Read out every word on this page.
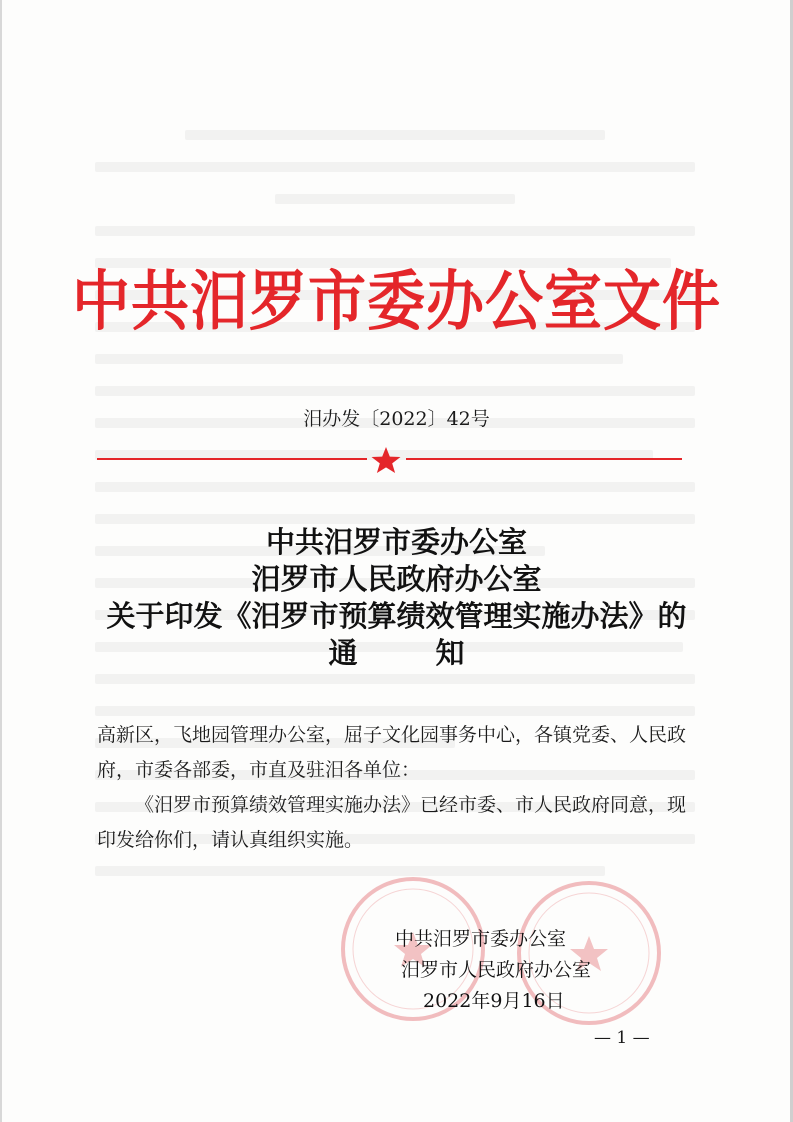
中共汨罗市委办公室文件
汨办发〔2022〕42号
中共汨罗市委办公室
汨罗市人民政府办公室
关于印发《汨罗市预算绩效管理实施办法》的
通知

高新区，飞地园管理办公室，屈子文化园事务中心，各镇党委、人民政府，市委各部委，市直及驻汨各单位：

《汨罗市预算绩效管理实施办法》已经市委、市人民政府同意，现印发给你们，请认真组织实施。

中共汨罗市委办公室
汨罗市人民政府办公室
2022年9月16日
— 1 —
